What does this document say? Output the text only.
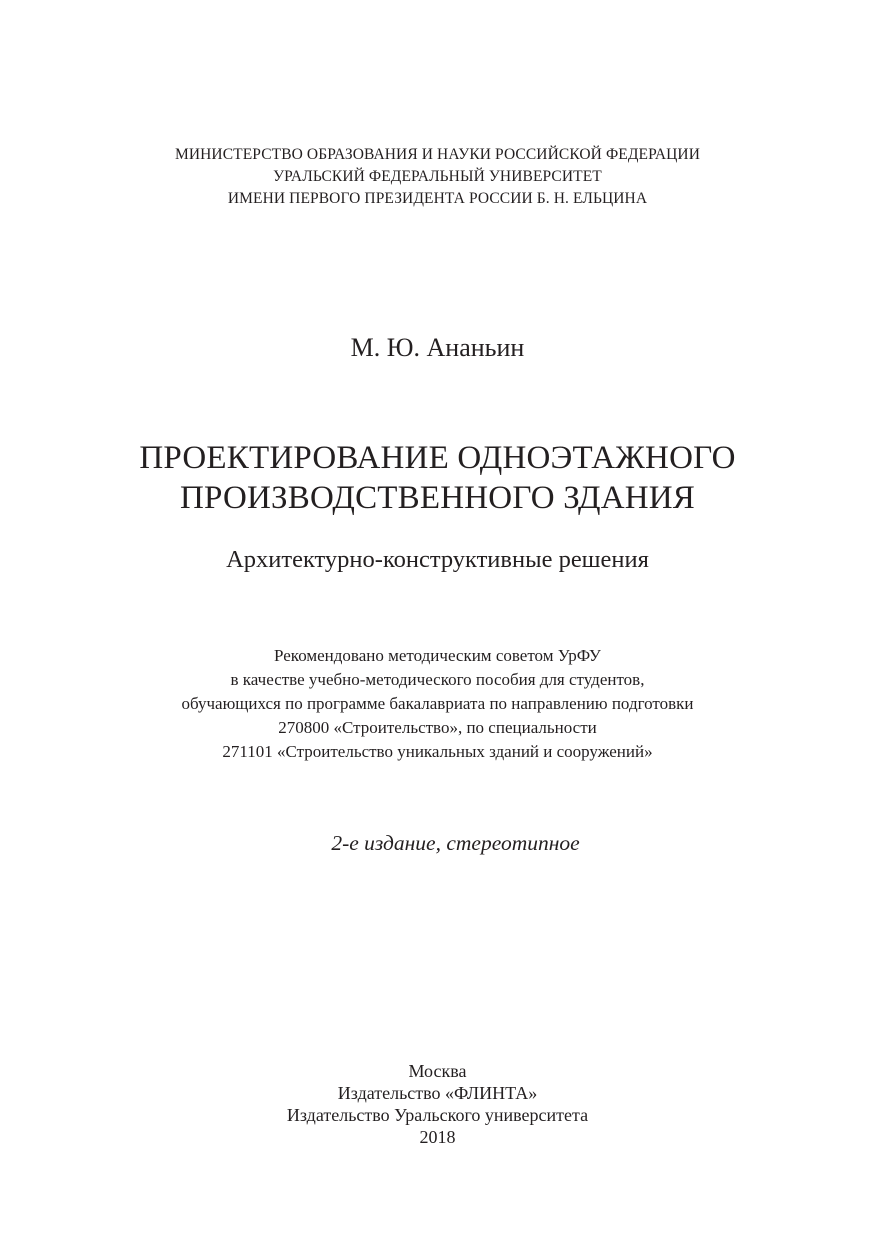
МИНИСТЕРСТВО ОБРАЗОВАНИЯ И НАУКИ РОССИЙСКОЙ ФЕДЕРАЦИИ
УРАЛЬСКИЙ ФЕДЕРАЛЬНЫЙ УНИВЕРСИТЕТ
ИМЕНИ ПЕРВОГО ПРЕЗИДЕНТА РОССИИ Б. Н. ЕЛЬЦИНА
М. Ю. Ананьин
ПРОЕКТИРОВАНИЕ ОДНОЭТАЖНОГО
ПРОИЗВОДСТВЕННОГО ЗДАНИЯ
Архитектурно-конструктивные решения
Рекомендовано методическим советом УрФУ
в качестве учебно-методического пособия для студентов,
обучающихся по программе бакалавриата по направлению подготовки
270800 «Строительство», по специальности
271101 «Строительство уникальных зданий и сооружений»
2-е издание, стереотипное
Москва
Издательство «ФЛИНТА»
Издательство Уральского университета
2018
